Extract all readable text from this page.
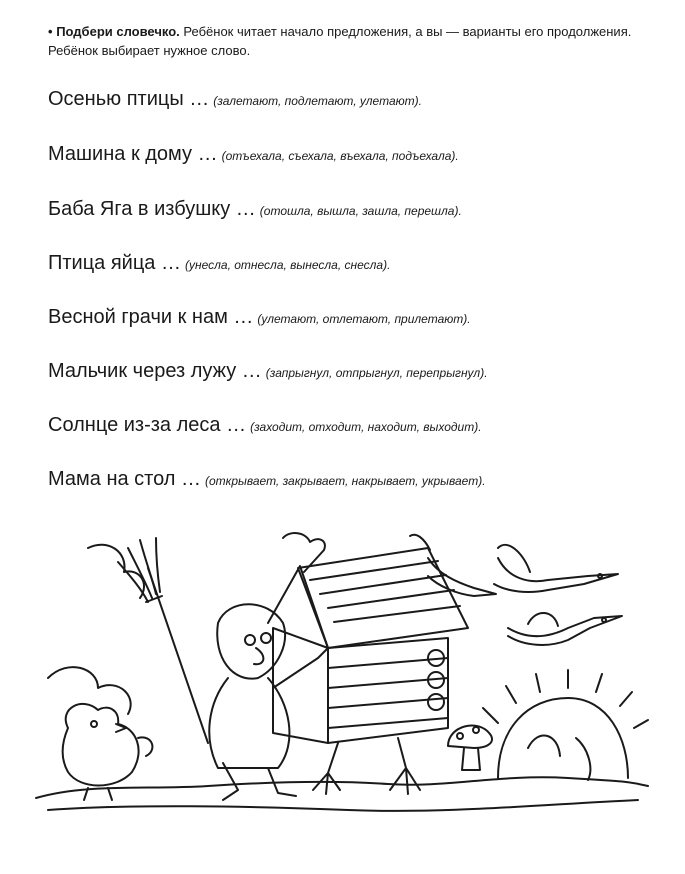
• Подбери словечко. Ребёнок читает начало предложения, а вы — варианты его продолжения. Ребёнок выбирает нужное слово.
Осенью птицы … (залетают, подлетают, улетают).
Машина к дому … (отъехала, съехала, въехала, подъехала).
Баба Яга в избушку … (отошла, вышла, зашла, перешла).
Птица яйца … (унесла, отнесла, вынесла, снесла).
Весной грачи к нам … (улетают, отлетают, прилетают).
Мальчик через лужу … (запрыгнул, отпрыгнул, перепрыгнул).
Солнце из-за леса … (заходит, отходит, находит, выходит).
Мама на стол … (открывает, закрывает, накрывает, укрывает).
